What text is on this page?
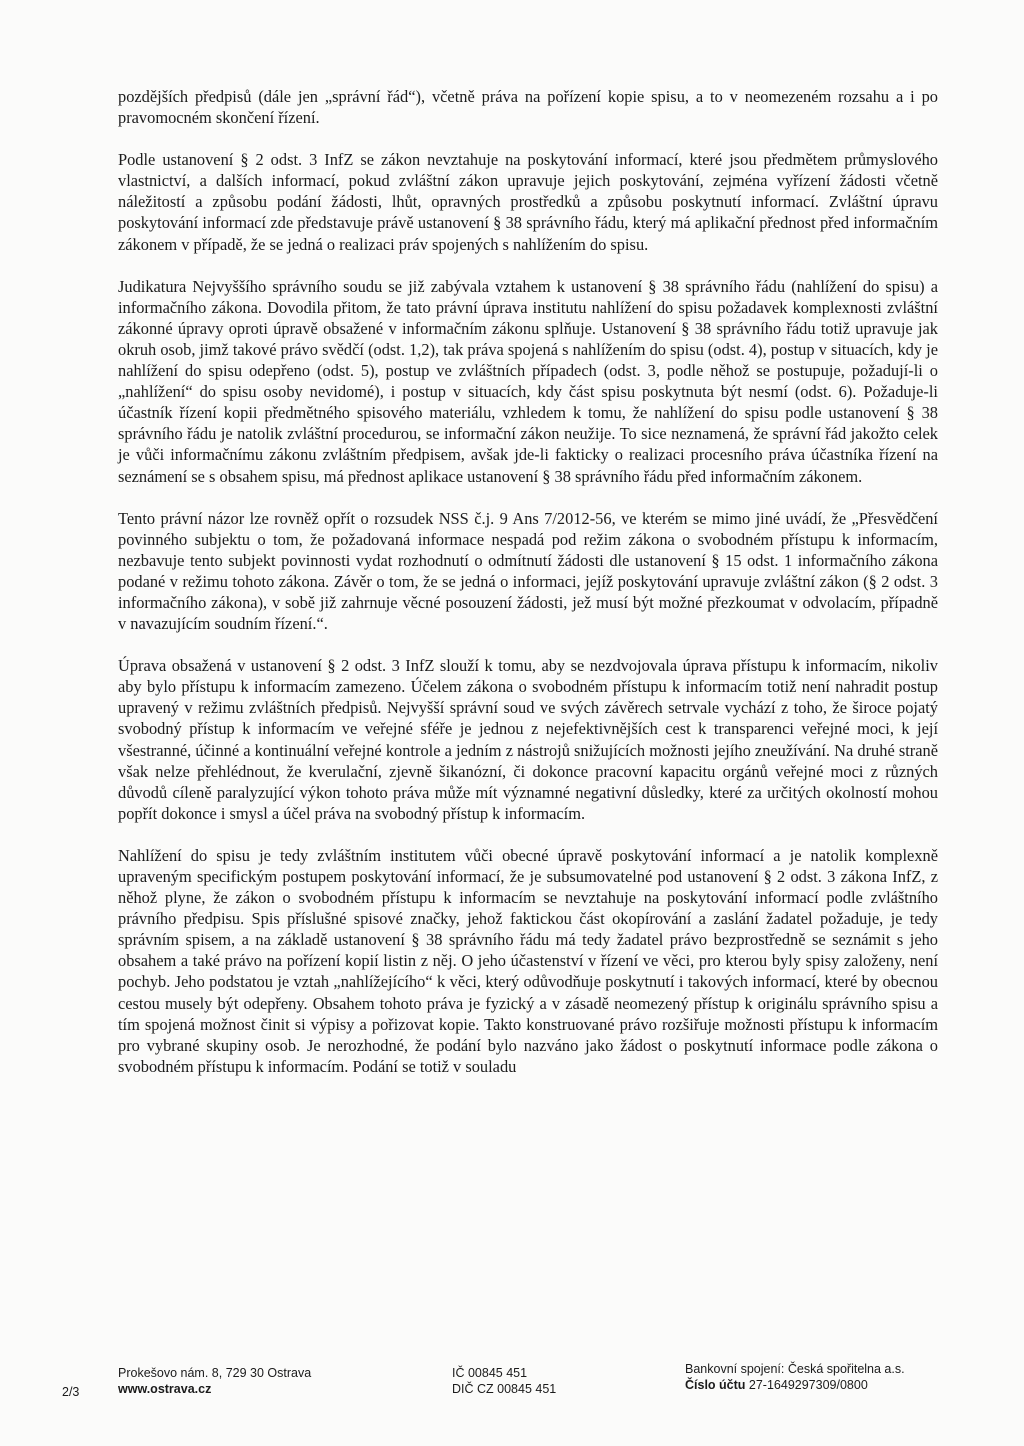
pozdějších předpisů (dále jen „správní řád“), včetně práva na pořízení kopie spisu, a to v neomezeném rozsahu a i po pravomocném skončení řízení.

Podle ustanovení § 2 odst. 3 InfZ se zákon nevztahuje na poskytování informací, které jsou předmětem průmyslového vlastnictví, a dalších informací, pokud zvláštní zákon upravuje jejich poskytování, zejména vyřízení žádosti včetně náležitostí a způsobu podání žádosti, lhůt, opravných prostředků a způsobu poskytnutí informací. Zvláštní úpravu poskytování informací zde představuje právě ustanovení § 38 správního řádu, který má aplikační přednost před informačním zákonem v případě, že se jedná o realizaci práv spojených s nahlížením do spisu.

Judikatura Nejvyššího správního soudu se již zabývala vztahem k ustanovení § 38 správního řádu (nahlížení do spisu) a informačního zákona. Dovodila přitom, že tato právní úprava institutu nahlížení do spisu požadavek komplexnosti zvláštní zákonné úpravy oproti úpravě obsažené v informačním zákonu splňuje. Ustanovení § 38 správního řádu totiž upravuje jak okruh osob, jimž takové právo svědčí (odst. 1,2), tak práva spojená s nahlížením do spisu (odst. 4), postup v situacích, kdy je nahlížení do spisu odepřeno (odst. 5), postup ve zvláštních případech (odst. 3, podle něhož se postupuje, požadují-li o „nahlížení“ do spisu osoby nevidomé), i postup v situacích, kdy část spisu poskytnuta být nesmí (odst. 6). Požaduje-li účastník řízení kopii předmětného spisového materiálu, vzhledem k tomu, že nahlížení do spisu podle ustanovení § 38 správního řádu je natolik zvláštní procedurou, se informační zákon neužije. To sice neznamená, že správní řád jakožto celek je vůči informačnímu zákonu zvláštním předpisem, avšak jde-li fakticky o realizaci procesního práva účastníka řízení na seznámení se s obsahem spisu, má přednost aplikace ustanovení § 38 správního řádu před informačním zákonem.

Tento právní názor lze rovněž opřít o rozsudek NSS č.j. 9 Ans 7/2012-56, ve kterém se mimo jiné uvádí, že „Přesvědčení povinného subjektu o tom, že požadovaná informace nespadá pod režim zákona o svobodném přístupu k informacím, nezbavuje tento subjekt povinnosti vydat rozhodnutí o odmítnutí žádosti dle ustanovení § 15 odst. 1 informačního zákona podané v režimu tohoto zákona. Závěr o tom, že se jedná o informaci, jejíž poskytování upravuje zvláštní zákon (§ 2 odst. 3 informačního zákona), v sobě již zahrnuje věcné posouzení žádosti, jež musí být možné přezkoumat v odvolacím, případně v navazujícím soudním řízení.“.

Úprava obsažená v ustanovení § 2 odst. 3 InfZ slouží k tomu, aby se nezdvojovala úprava přístupu k informacím, nikoliv aby bylo přístupu k informacím zamezeno. Účelem zákona o svobodném přístupu k informacím totiž není nahradit postup upravený v režimu zvláštních předpisů. Nejvyšší správní soud ve svých závěrech setrvale vychází z toho, že široce pojatý svobodný přístup k informacím ve veřejné sféře je jednou z nejefektivnějších cest k transparenci veřejné moci, k její všestranné, účinné a kontinuální veřejné kontrole a jedním z nástrojů snižujících možnosti jejího zneužívání. Na druhé straně však nelze přehlédnout, že kverulační, zjevně šikanózní, či dokonce pracovní kapacitu orgánů veřejné moci z různých důvodů cíleně paralyzující výkon tohoto práva může mít významné negativní důsledky, které za určitých okolností mohou popřít dokonce i smysl a účel práva na svobodný přístup k informacím.

Nahlížení do spisu je tedy zvláštním institutem vůči obecné úpravě poskytování informací a je natolik komplexně upraveným specifickým postupem poskytování informací, že je subsumovatelné pod ustanovení § 2 odst. 3 zákona InfZ, z něhož plyne, že zákon o svobodném přístupu k informacím se nevztahuje na poskytování informací podle zvláštního právního předpisu. Spis příslušné spisové značky, jehož faktickou část okopírování a zaslání žadatel požaduje, je tedy správním spisem, a na základě ustanovení § 38 správního řádu má tedy žadatel právo bezprostředně se seznámit s jeho obsahem a také právo na pořízení kopií listin z něj. O jeho účastenství v řízení ve věci, pro kterou byly spisy založeny, není pochyb. Jeho podstatou je vztah „nahlížejícího“ k věci, který odůvodňuje poskytnutí i takových informací, které by obecnou cestou musely být odepřeny. Obsahem tohoto práva je fyzický a v zásadě neomezený přístup k originálu správního spisu a tím spojená možnost činit si výpisy a pořizovat kopie. Takto konstruované právo rozšiřuje možnosti přístupu k informacím pro vybrané skupiny osob. Je nerozhodné, že podání bylo nazváno jako žádost o poskytnutí informace podle zákona o svobodném přístupu k informacím. Podání se totiž v souladu

2/3
Prokešovo nám. 8, 729 30 Ostrava
www.ostrava.cz
IČ 00845 451
DIČ CZ 00845 451
Bankovní spojení: Česká spořitelna a.s.
Číslo účtu 27-1649297309/0800
